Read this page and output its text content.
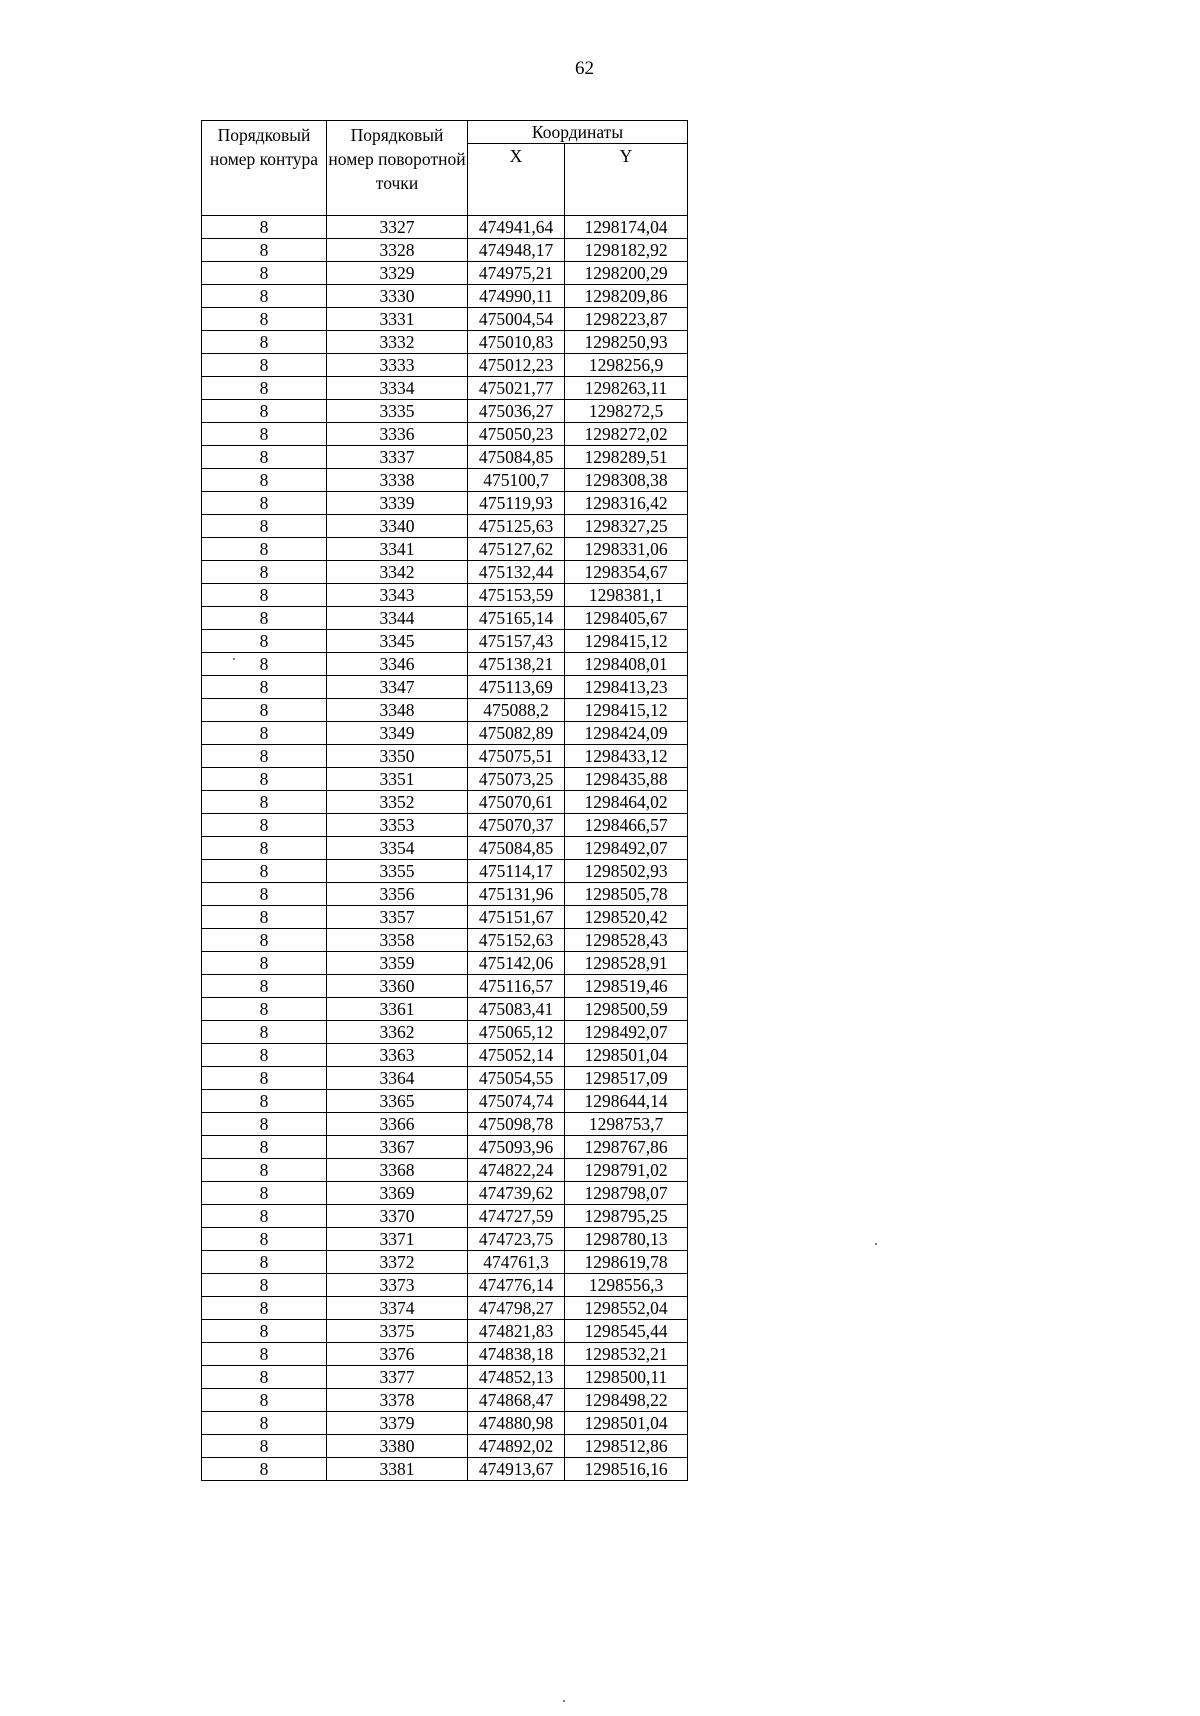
62
Порядковый номер контура	Порядковый номер поворотной точки	Координаты	
		X	Y
8	3327	474941,64	1298174,04
8	3328	474948,17	1298182,92
8	3329	474975,21	1298200,29
8	3330	474990,11	1298209,86
8	3331	475004,54	1298223,87
8	3332	475010,83	1298250,93
8	3333	475012,23	1298256,9
8	3334	475021,77	1298263,11
8	3335	475036,27	1298272,5
8	3336	475050,23	1298272,02
8	3337	475084,85	1298289,51
8	3338	475100,7	1298308,38
8	3339	475119,93	1298316,42
8	3340	475125,63	1298327,25
8	3341	475127,62	1298331,06
8	3342	475132,44	1298354,67
8	3343	475153,59	1298381,1
8	3344	475165,14	1298405,67
8	3345	475157,43	1298415,12
8	3346	475138,21	1298408,01
8	3347	475113,69	1298413,23
8	3348	475088,2	1298415,12
8	3349	475082,89	1298424,09
8	3350	475075,51	1298433,12
8	3351	475073,25	1298435,88
8	3352	475070,61	1298464,02
8	3353	475070,37	1298466,57
8	3354	475084,85	1298492,07
8	3355	475114,17	1298502,93
8	3356	475131,96	1298505,78
8	3357	475151,67	1298520,42
8	3358	475152,63	1298528,43
8	3359	475142,06	1298528,91
8	3360	475116,57	1298519,46
8	3361	475083,41	1298500,59
8	3362	475065,12	1298492,07
8	3363	475052,14	1298501,04
8	3364	475054,55	1298517,09
8	3365	475074,74	1298644,14
8	3366	475098,78	1298753,7
8	3367	475093,96	1298767,86
8	3368	474822,24	1298791,02
8	3369	474739,62	1298798,07
8	3370	474727,59	1298795,25
8	3371	474723,75	1298780,13
8	3372	474761,3	1298619,78
8	3373	474776,14	1298556,3
8	3374	474798,27	1298552,04
8	3375	474821,83	1298545,44
8	3376	474838,18	1298532,21
8	3377	474852,13	1298500,11
8	3378	474868,47	1298498,22
8	3379	474880,98	1298501,04
8	3380	474892,02	1298512,86
8	3381	474913,67	1298516,16
